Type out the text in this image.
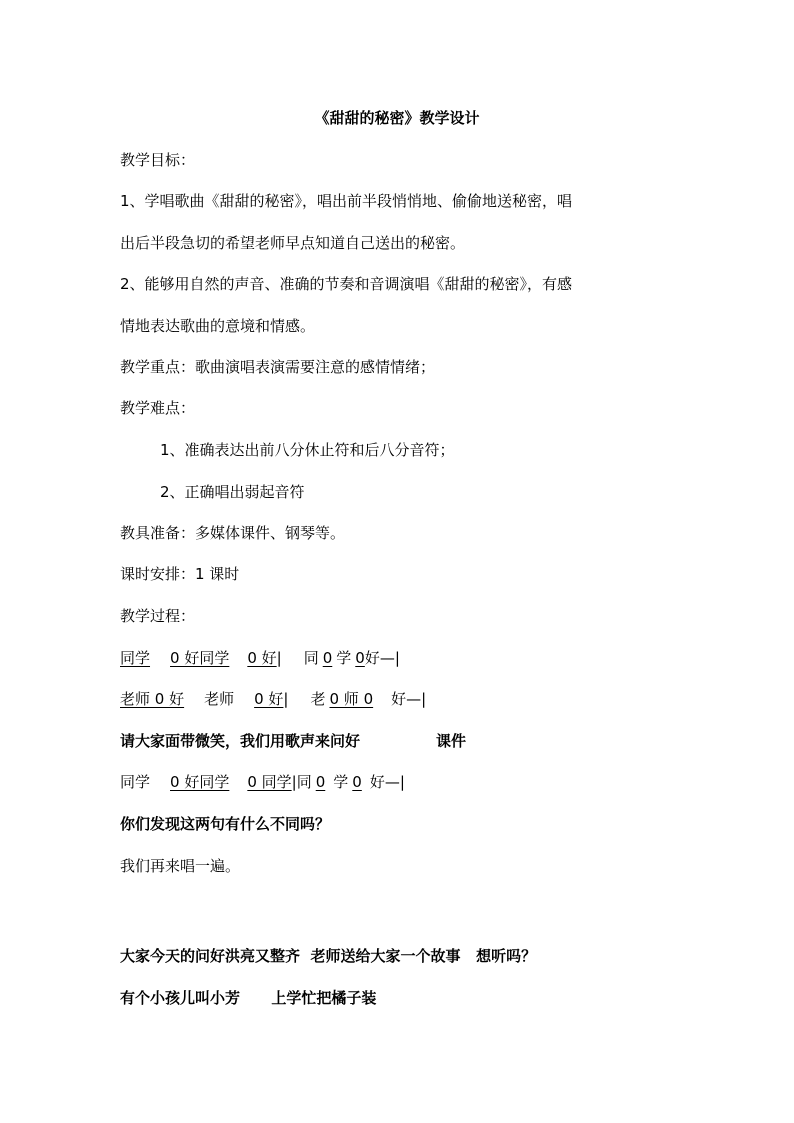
《甜甜的秘密》教学设计
教学目标：
1、学唱歌曲《甜甜的秘密》，唱出前半段悄悄地、偷偷地送秘密，唱
出后半段急切的希望老师早点知道自己送出的秘密。
2、能够用自然的声音、准确的节奏和音调演唱《甜甜的秘密》，有感
情地表达歌曲的意境和情感。
教学重点：歌曲演唱表演需要注意的感情情绪；
教学难点：
1、准确表达出前八分休止符和后八分音符；
2、正确唱出弱起音符
教具准备：多媒体课件、钢琴等。
课时安排：1 课时
教学过程：
同学 0 好同学 0 好| 同 0 学 0好—|
老师 0 好 老师 0 好| 老 0 师 0 好—|
请大家面带微笑，我们用歌声来问好	课件
同学 0 好同学 0 同学|同 0 学 0 好—|
你们发现这两句有什么不同吗？
我们再来唱一遍。
大家今天的问好洪亮又整齐  老师送给大家一个故事   想听吗？
有个小孩儿叫小芳      上学忙把橘子装
